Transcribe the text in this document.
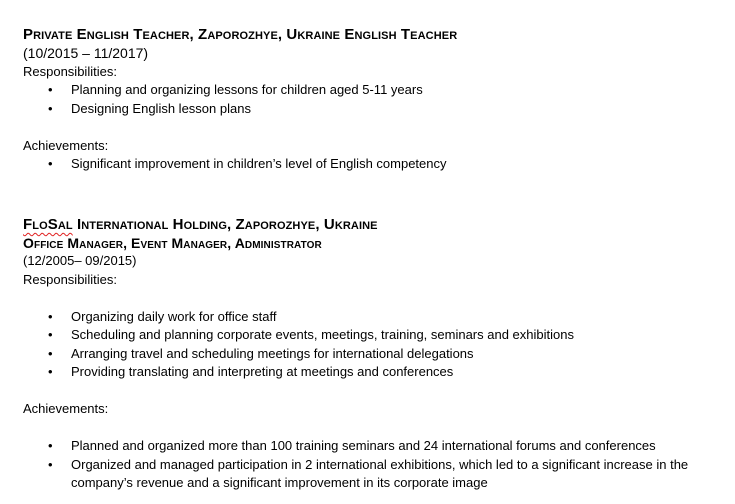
Private English Teacher, Zaporozhye, Ukraine English Teacher
(10/2015 – 11/2017)
Responsibilities:
• Planning and organizing lessons for children aged 5-11 years
• Designing English lesson plans
Achievements:
• Significant improvement in children’s level of English competency
FloSal International Holding, Zaporozhye, Ukraine
Office Manager, Event Manager, Administrator
(12/2005– 09/2015)
Responsibilities:
• Organizing daily work for office staff
• Scheduling and planning corporate events, meetings, training, seminars and exhibitions
• Arranging travel and scheduling meetings for international delegations
• Providing translating and interpreting at meetings and conferences
Achievements:
• Planned and organized more than 100 training seminars and 24 international forums and conferences
• Organized and managed participation in 2 international exhibitions, which led to a significant increase in the company’s revenue and a significant improvement in its corporate image
